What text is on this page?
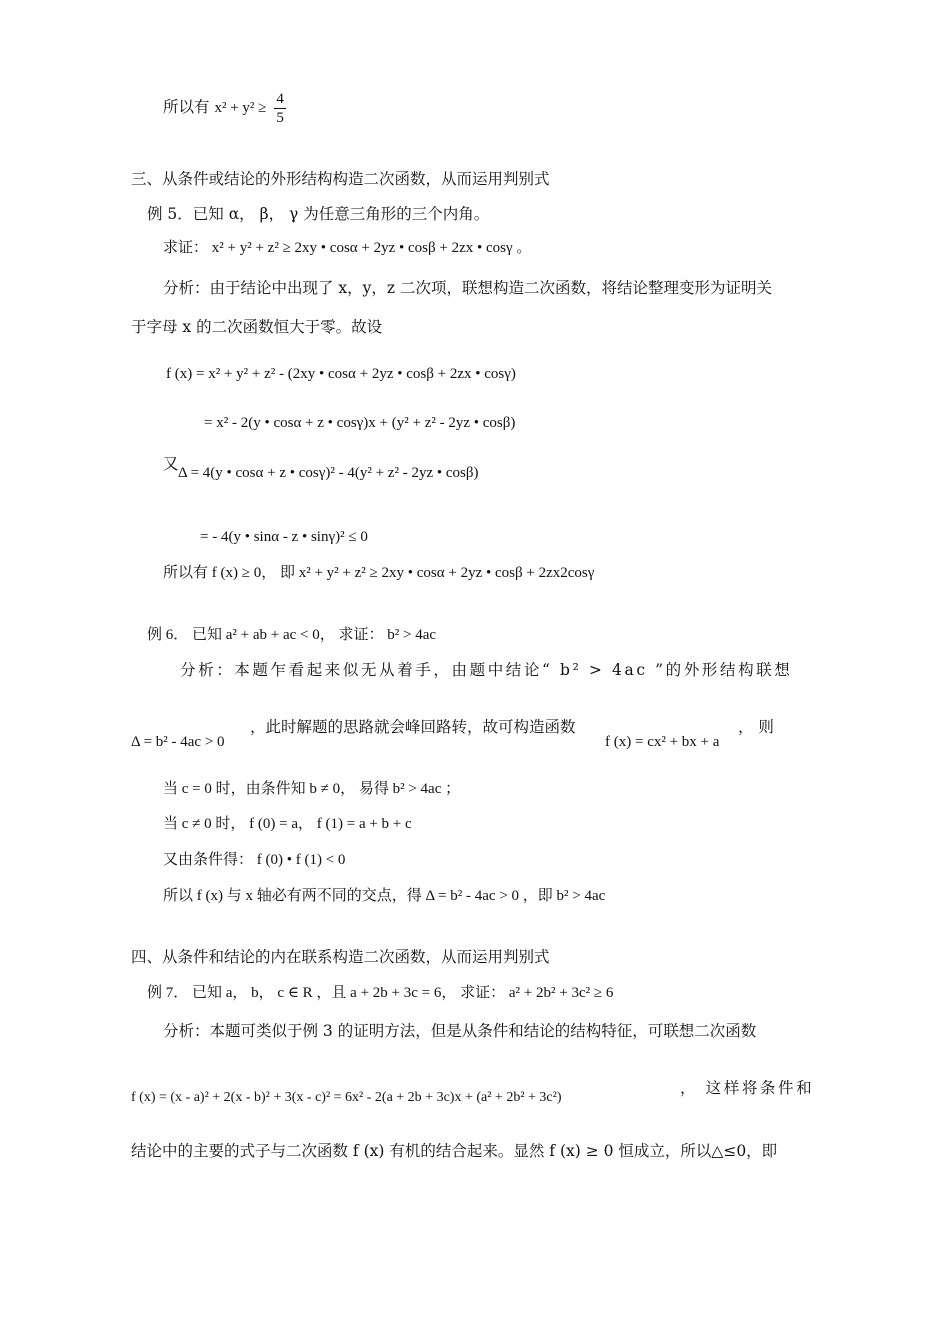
所以有 $x^2 + y^2 \ge \frac{4}{5}$
三、从条件或结论的外形结构构造二次函数，从而运用判别式
例 5．已知 α， β， γ 为任意三角形的三个内角。
求证： x² + y² + z² ≥ 2xy • cosα + 2yz • cosβ + 2zx • cosγ 。
分析：由于结论中出现了 x，y，z 二次项，联想构造二次函数，将结论整理变形为证明关
于字母 x 的二次函数恒大于零。故设
f (x) = x² + y² + z² - (2xy • cosα + 2yz • cosβ + 2zx • cosγ)
= x² - 2(y • cosα + z • cosγ)x + (y² + z² - 2yz • cosβ)
又 Δ = 4(y • cosα + z • cosγ)² - 4(y² + z² - 2yz • cosβ)
= - 4(y • sinα - z • sinγ)² ≤ 0
所以有 f (x) ≥ 0， 即 x² + y² + z² ≥ 2xy • cosα + 2yz • cosβ + 2zx2cosγ
例 6． 已知 a² + ab + ac < 0， 求证： b² > 4ac
分析：本题乍看起来似无从着手，由题中结论“ b² > 4ac ”的外形结构联想
Δ = b² - 4ac > 0
，此时解题的思路就会峰回路转，故可构造函数
f (x) = cx² + bx + a
， 则
当 c = 0 时，由条件知 b ≠ 0， 易得 b² > 4ac ；
当 c ≠ 0 时， f (0) = a， f (1) = a + b + c
又由条件得： f (0) • f (1) < 0
所以 f (x) 与 x 轴必有两不同的交点，得 Δ = b² - 4ac > 0 ，即 b² > 4ac
四、从条件和结论的内在联系构造二次函数，从而运用判别式
例 7． 已知 a， b， c ∈ R ，且 a + 2b + 3c = 6， 求证： a² + 2b² + 3c² ≥ 6
分析：本题可类似于例 3 的证明方法，但是从条件和结论的结构特征，可联想二次函数
f (x) = (x - a)² + 2(x - b)² + 3(x - c)² = 6x² - 2(a + 2b + 3c)x + (a² + 2b² + 3c²)
， 这样将条件和
结论中的主要的式子与二次函数 f (x) 有机的结合起来。显然 f (x) ≥ 0 恒成立，所以△≤0，即
